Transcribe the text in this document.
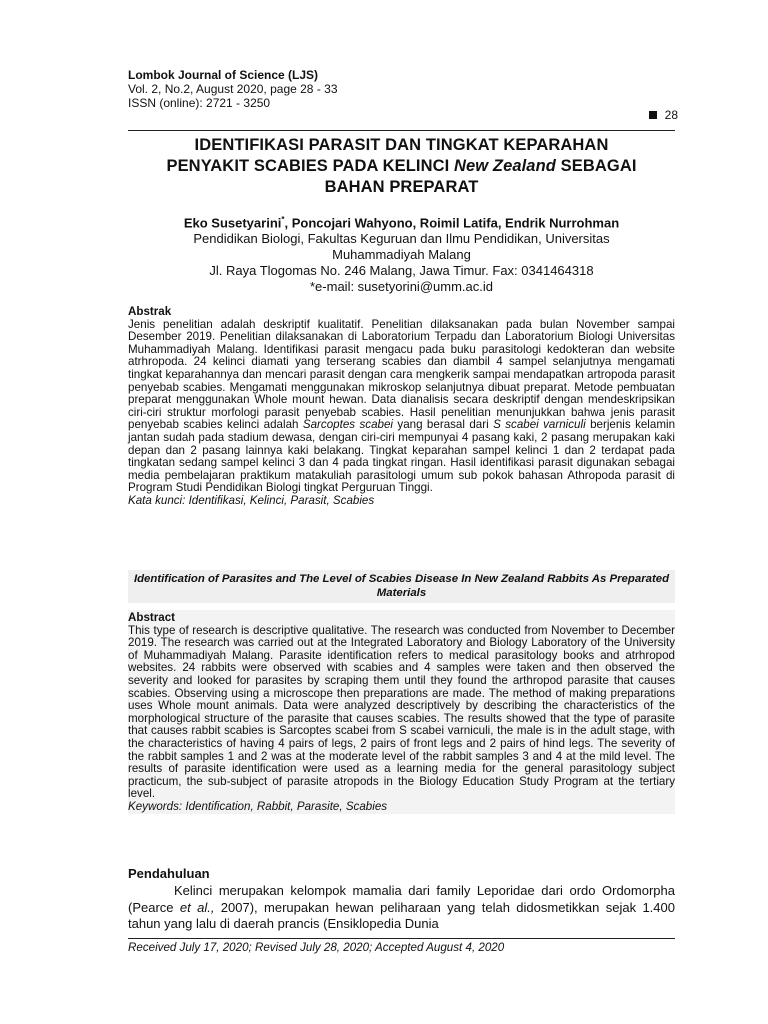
Lombok Journal of Science (LJS)
Vol. 2, No.2, August 2020, page 28 - 33
ISSN (online): 2721 - 3250
28
IDENTIFIKASI PARASIT DAN TINGKAT KEPARAHAN
PENYAKIT SCABIES PADA KELINCI New Zealand SEBAGAI
BAHAN PREPARAT
Eko Susetyarini*, Poncojari Wahyono, Roimil Latifa, Endrik Nurrohman
Pendidikan Biologi, Fakultas Keguruan dan Ilmu Pendidikan, Universitas
Muhammadiyah Malang
Jl. Raya Tlogomas No. 246 Malang, Jawa Timur. Fax: 0341464318
*e-mail: susetyorini@umm.ac.id
Abstrak
Jenis penelitian adalah deskriptif kualitatif. Penelitian dilaksanakan pada bulan November sampai Desember 2019. Penelitian dilaksanakan di Laboratorium Terpadu dan Laboratorium Biologi Universitas Muhammadiyah Malang. Identifikasi parasit mengacu pada buku parasitologi kedokteran dan website atrhropoda. 24 kelinci diamati yang terserang scabies dan diambil 4 sampel selanjutnya mengamati tingkat keparahannya dan mencari parasit dengan cara mengkerik sampai mendapatkan artropoda parasit penyebab scabies. Mengamati menggunakan mikroskop selanjutnya dibuat preparat. Metode pembuatan preparat menggunakan Whole mount hewan. Data dianalisis secara deskriptif dengan mendeskripsikan ciri-ciri struktur morfologi parasit penyebab scabies. Hasil penelitian menunjukkan bahwa jenis parasit penyebab scabies kelinci adalah Sarcoptes scabei yang berasal dari S scabei varniculi berjenis kelamin jantan sudah pada stadium dewasa, dengan ciri-ciri mempunyai 4 pasang kaki, 2 pasang merupakan kaki depan dan 2 pasang lainnya kaki belakang. Tingkat keparahan sampel kelinci 1 dan 2 terdapat pada tingkatan sedang sampel kelinci 3 dan 4 pada tingkat ringan. Hasil identifikasi parasit digunakan sebagai media pembelajaran praktikum matakuliah parasitologi umum sub pokok bahasan Athropoda parasit di Program Studi Pendidikan Biologi tingkat Perguruan Tinggi.
Kata kunci: Identifikasi, Kelinci, Parasit, Scabies
Identification of Parasites and The Level of Scabies Disease In New Zealand Rabbits As Preparated Materials
Abstract
This type of research is descriptive qualitative. The research was conducted from November to December 2019. The research was carried out at the Integrated Laboratory and Biology Laboratory of the University of Muhammadiyah Malang. Parasite identification refers to medical parasitology books and atrhropod websites. 24 rabbits were observed with scabies and 4 samples were taken and then observed the severity and looked for parasites by scraping them until they found the arthropod parasite that causes scabies. Observing using a microscope then preparations are made. The method of making preparations uses Whole mount animals. Data were analyzed descriptively by describing the characteristics of the morphological structure of the parasite that causes scabies. The results showed that the type of parasite that causes rabbit scabies is Sarcoptes scabei from S scabei varniculi, the male is in the adult stage, with the characteristics of having 4 pairs of legs, 2 pairs of front legs and 2 pairs of hind legs. The severity of the rabbit samples 1 and 2 was at the moderate level of the rabbit samples 3 and 4 at the mild level. The results of parasite identification were used as a learning media for the general parasitology subject practicum, the sub-subject of parasite atropods in the Biology Education Study Program at the tertiary level.
Keywords: Identification, Rabbit, Parasite, Scabies
Pendahuluan

Kelinci merupakan kelompok mamalia dari family Leporidae dari ordo Ordomorpha (Pearce et al., 2007), merupakan hewan peliharaan yang telah didosmetikkan sejak 1.400 tahun yang lalu di daerah prancis (Ensiklopedia Dunia

Received July 17, 2020; Revised July 28, 2020; Accepted August 4, 2020
